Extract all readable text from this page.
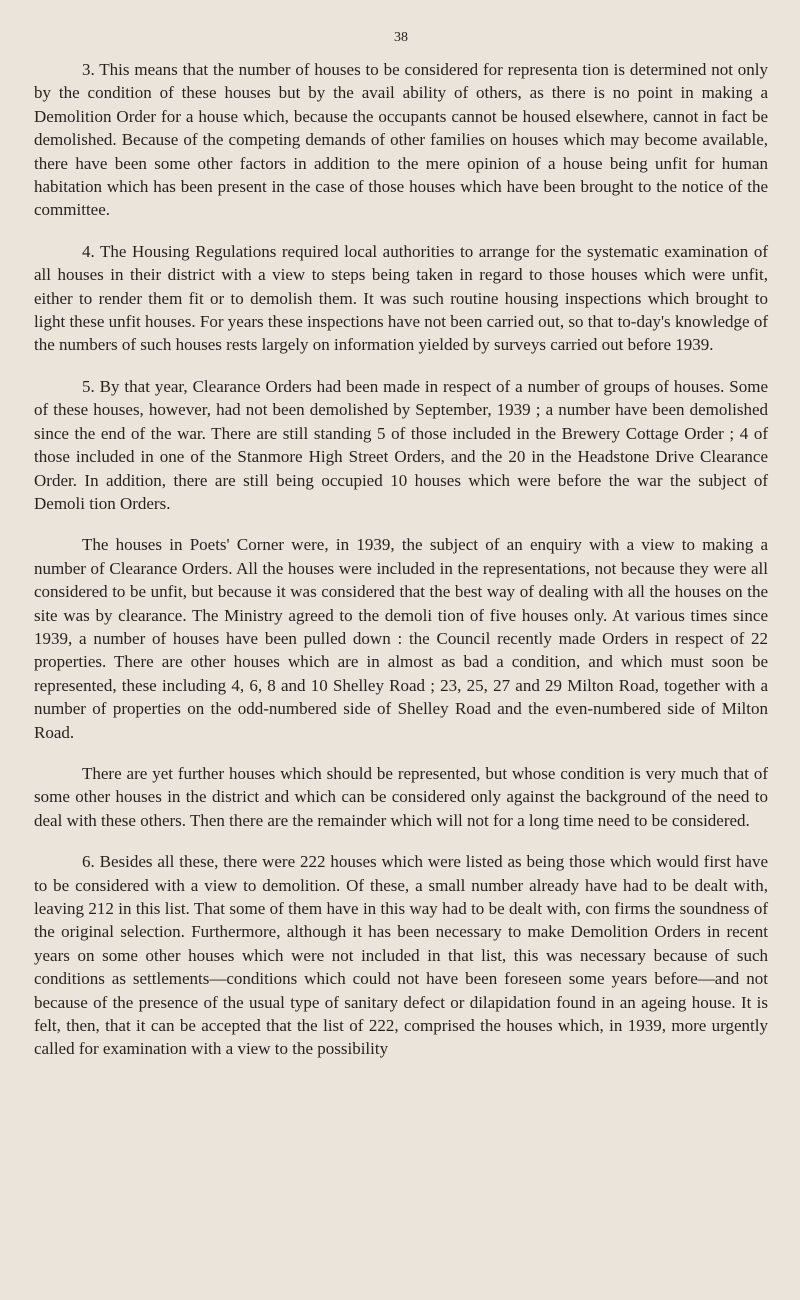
38

3. This means that the number of houses to be considered for representa tion is determined not only by the condition of these houses but by the avail ability of others, as there is no point in making a Demolition Order for a house which, because the occupants cannot be housed elsewhere, cannot in fact be demolished. Because of the competing demands of other families on houses which may become available, there have been some other factors in addition to the mere opinion of a house being unfit for human habitation which has been present in the case of those houses which have been brought to the notice of the committee.

4. The Housing Regulations required local authorities to arrange for the systematic examination of all houses in their district with a view to steps being taken in regard to those houses which were unfit, either to render them fit or to demolish them. It was such routine housing inspections which brought to light these unfit houses. For years these inspections have not been carried out, so that to-day's knowledge of the numbers of such houses rests largely on information yielded by surveys carried out before 1939.

5. By that year, Clearance Orders had been made in respect of a number of groups of houses. Some of these houses, however, had not been demolished by September, 1939 ; a number have been demolished since the end of the war. There are still standing 5 of those included in the Brewery Cottage Order ; 4 of those included in one of the Stanmore High Street Orders, and the 20 in the Headstone Drive Clearance Order. In addition, there are still being occupied 10 houses which were before the war the subject of Demoli tion Orders.

The houses in Poets' Corner were, in 1939, the subject of an enquiry with a view to making a number of Clearance Orders. All the houses were included in the representations, not because they were all considered to be unfit, but because it was considered that the best way of dealing with all the houses on the site was by clearance. The Ministry agreed to the demoli tion of five houses only. At various times since 1939, a number of houses have been pulled down : the Council recently made Orders in respect of 22 properties. There are other houses which are in almost as bad a condition, and which must soon be represented, these including 4, 6, 8 and 10 Shelley Road ; 23, 25, 27 and 29 Milton Road, together with a number of properties on the odd-numbered side of Shelley Road and the even-numbered side of Milton Road.

There are yet further houses which should be represented, but whose condition is very much that of some other houses in the district and which can be considered only against the background of the need to deal with these others. Then there are the remainder which will not for a long time need to be considered.

6. Besides all these, there were 222 houses which were listed as being those which would first have to be considered with a view to demolition. Of these, a small number already have had to be dealt with, leaving 212 in this list. That some of them have in this way had to be dealt with, con firms the soundness of the original selection. Furthermore, although it has been necessary to make Demolition Orders in recent years on some other houses which were not included in that list, this was necessary because of such conditions as settlements—conditions which could not have been foreseen some years before—and not because of the presence of the usual type of sanitary defect or dilapidation found in an ageing house. It is felt, then, that it can be accepted that the list of 222, comprised the houses which, in 1939, more urgently called for examination with a view to the possibility
